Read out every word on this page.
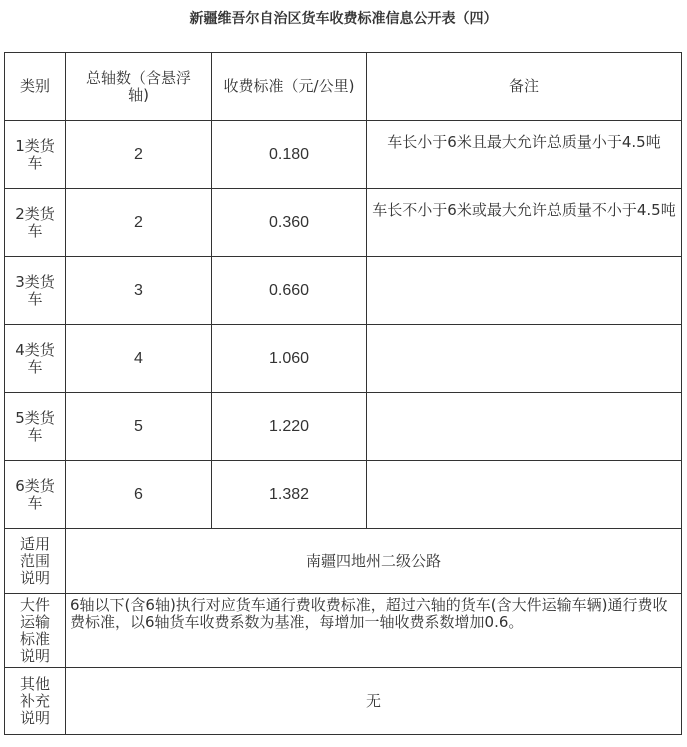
新疆维吾尔自治区货车收费标准信息公开表（四）
类别	总轴数（含悬浮轴)	收费标准（元/公里)	备注
1类货车	2	0.180	车长小于6米且最大允许总质量小于4.5吨
2类货车	2	0.360	车长不小于6米或最大允许总质量不小于4.5吨
3类货车	3	0.660	
4类货车	4	1.060	
5类货车	5	1.220	
6类货车	6	1.382	
适用范围说明	南疆四地州二级公路		
大件运输标准说明	6轴以下(含6轴)执行对应货车通行费收费标准，超过六轴的货车(含大件运输车辆)通行费收费标准，以6轴货车收费系数为基准，每增加一轴收费系数增加0.6。		
其他补充说明	无		
